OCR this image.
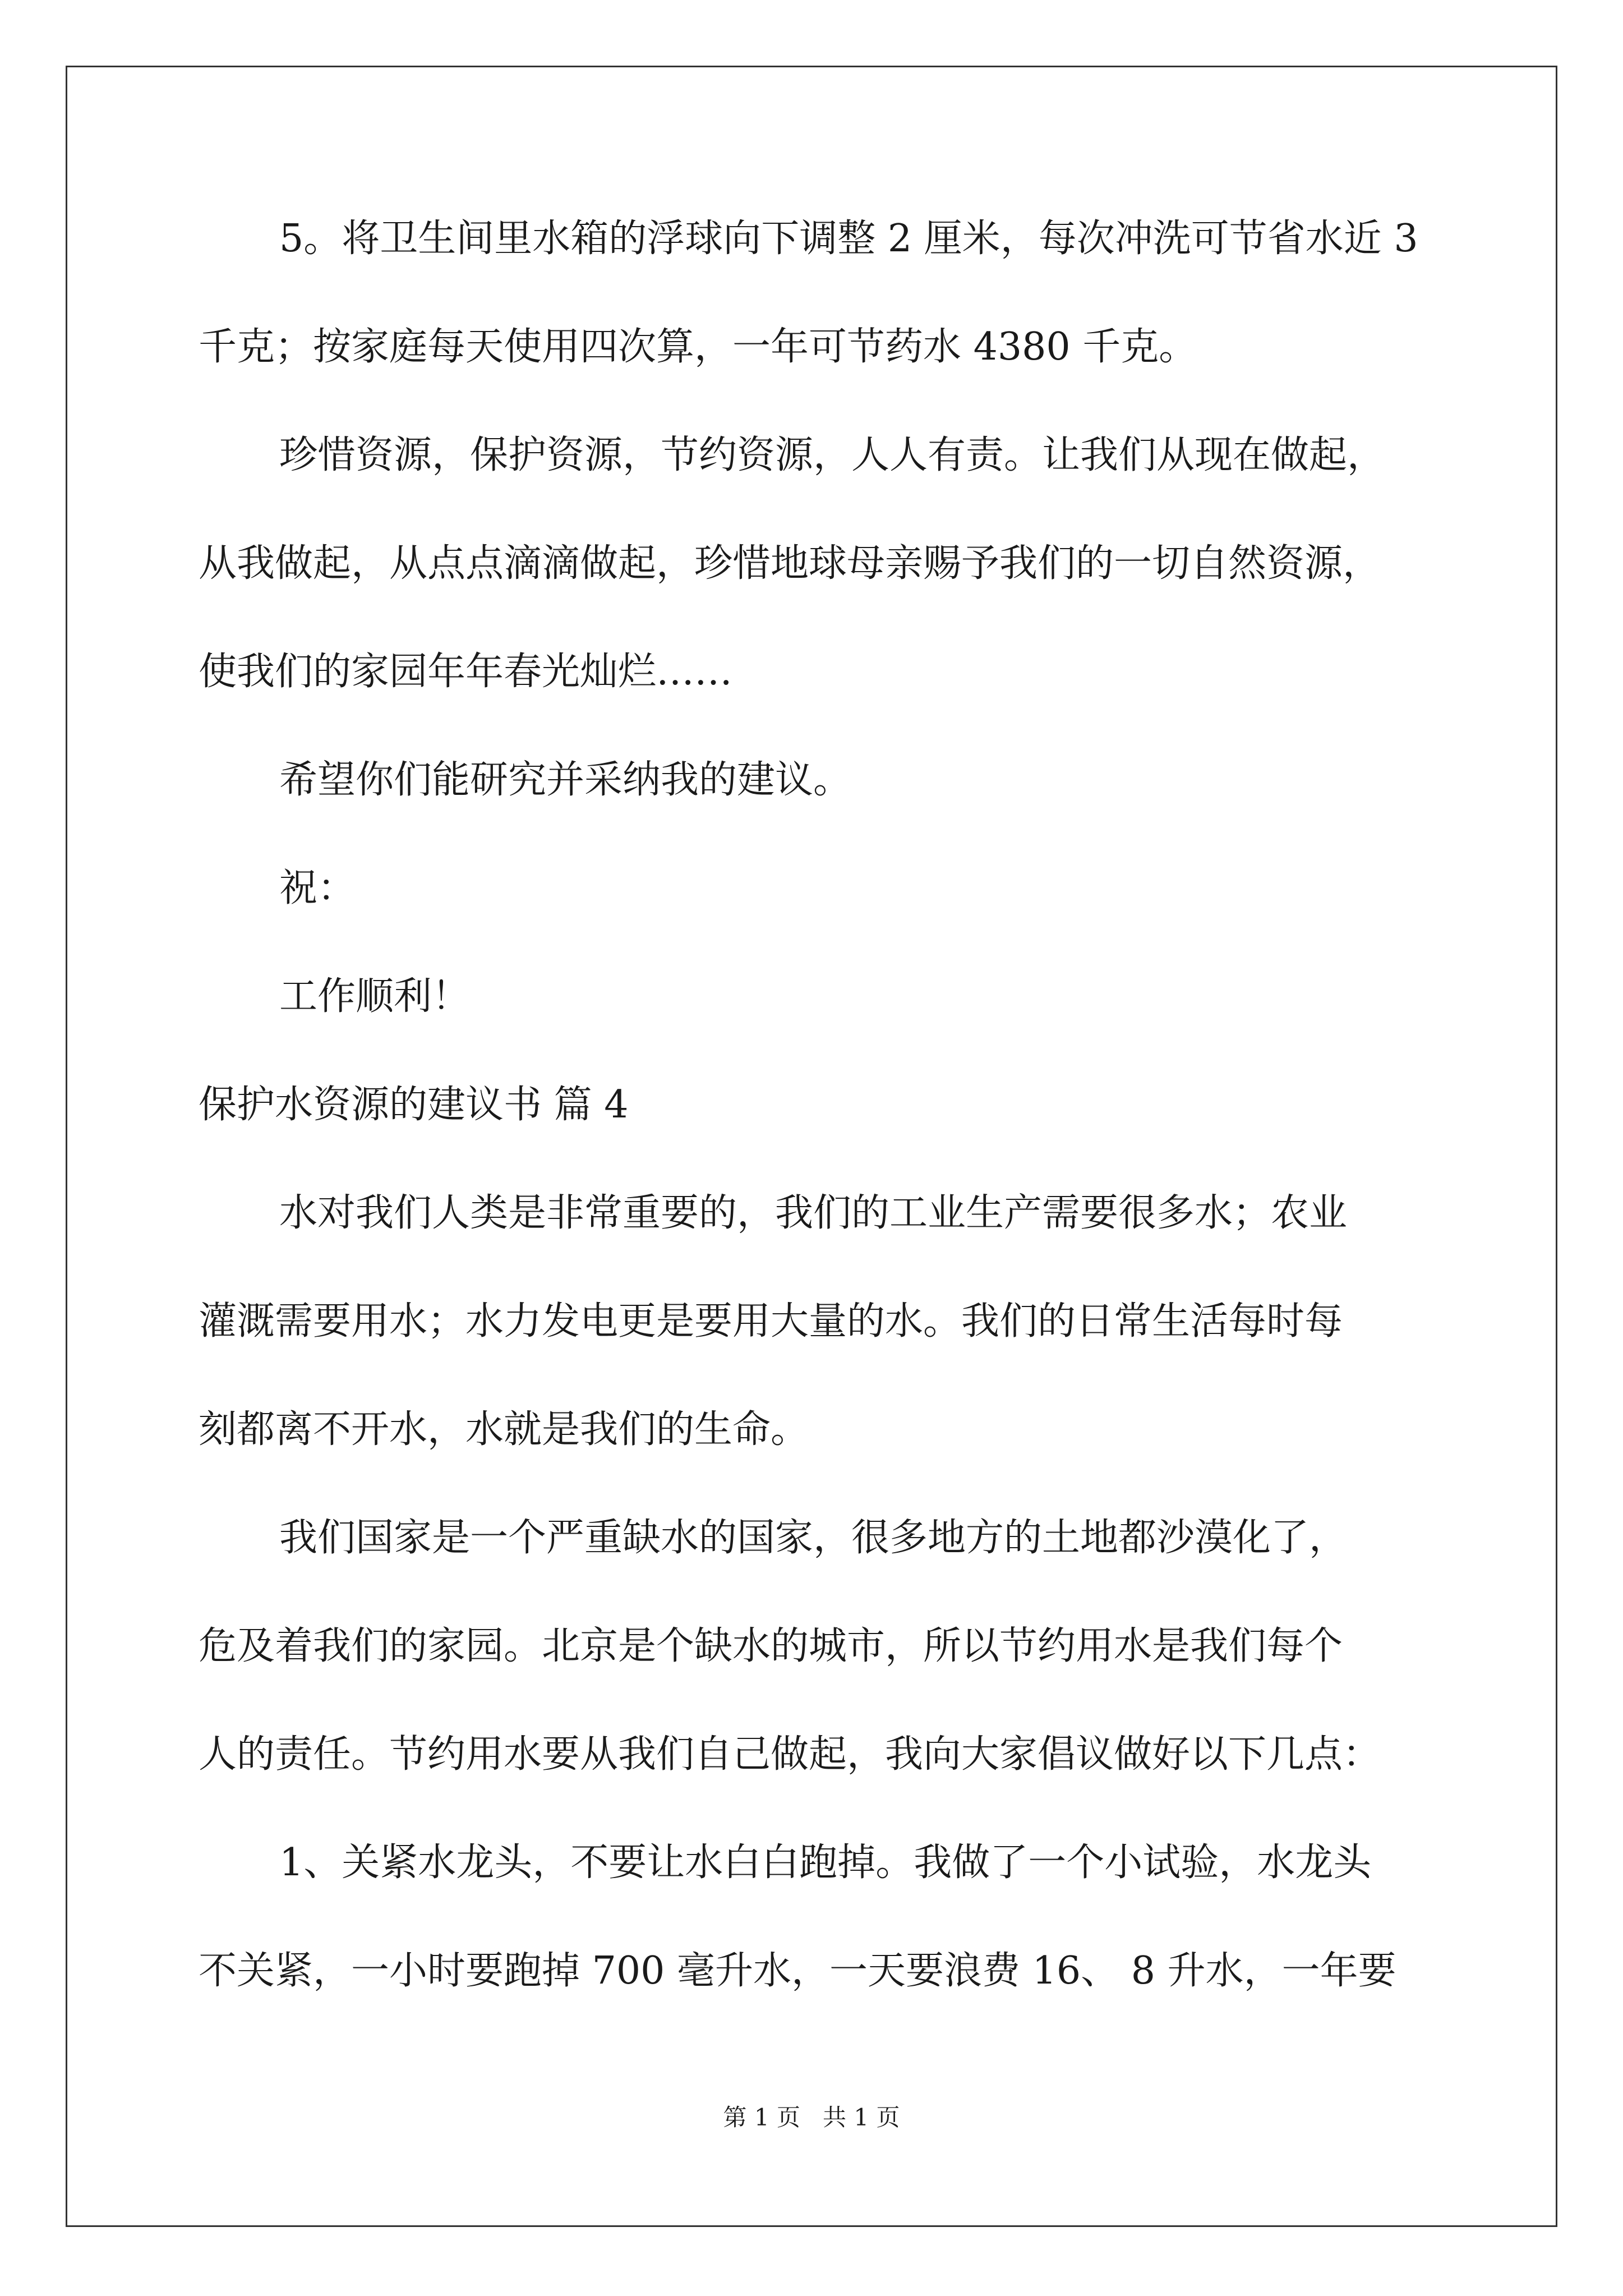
5。将卫生间里水箱的浮球向下调整 2 厘米，每次冲洗可节省水近 3
千克；按家庭每天使用四次算，一年可节药水 4380 千克。
珍惜资源，保护资源，节约资源，人人有责。让我们从现在做起，
从我做起，从点点滴滴做起，珍惜地球母亲赐予我们的一切自然资源，
使我们的家园年年春光灿烂……
希望你们能研究并采纳我的建议。
祝：
工作顺利！
保护水资源的建议书 篇 4
水对我们人类是非常重要的，我们的工业生产需要很多水；农业
灌溉需要用水；水力发电更是要用大量的水。我们的日常生活每时每
刻都离不开水，水就是我们的生命。
我们国家是一个严重缺水的国家，很多地方的土地都沙漠化了，
危及着我们的家园。北京是个缺水的城市，所以节约用水是我们每个
人的责任。节约用水要从我们自己做起，我向大家倡议做好以下几点：
1、关紧水龙头，不要让水白白跑掉。我做了一个小试验，水龙头
不关紧，一小时要跑掉 700 毫升水，一天要浪费 16、 8 升水，一年要
第 1 页   共 1 页
